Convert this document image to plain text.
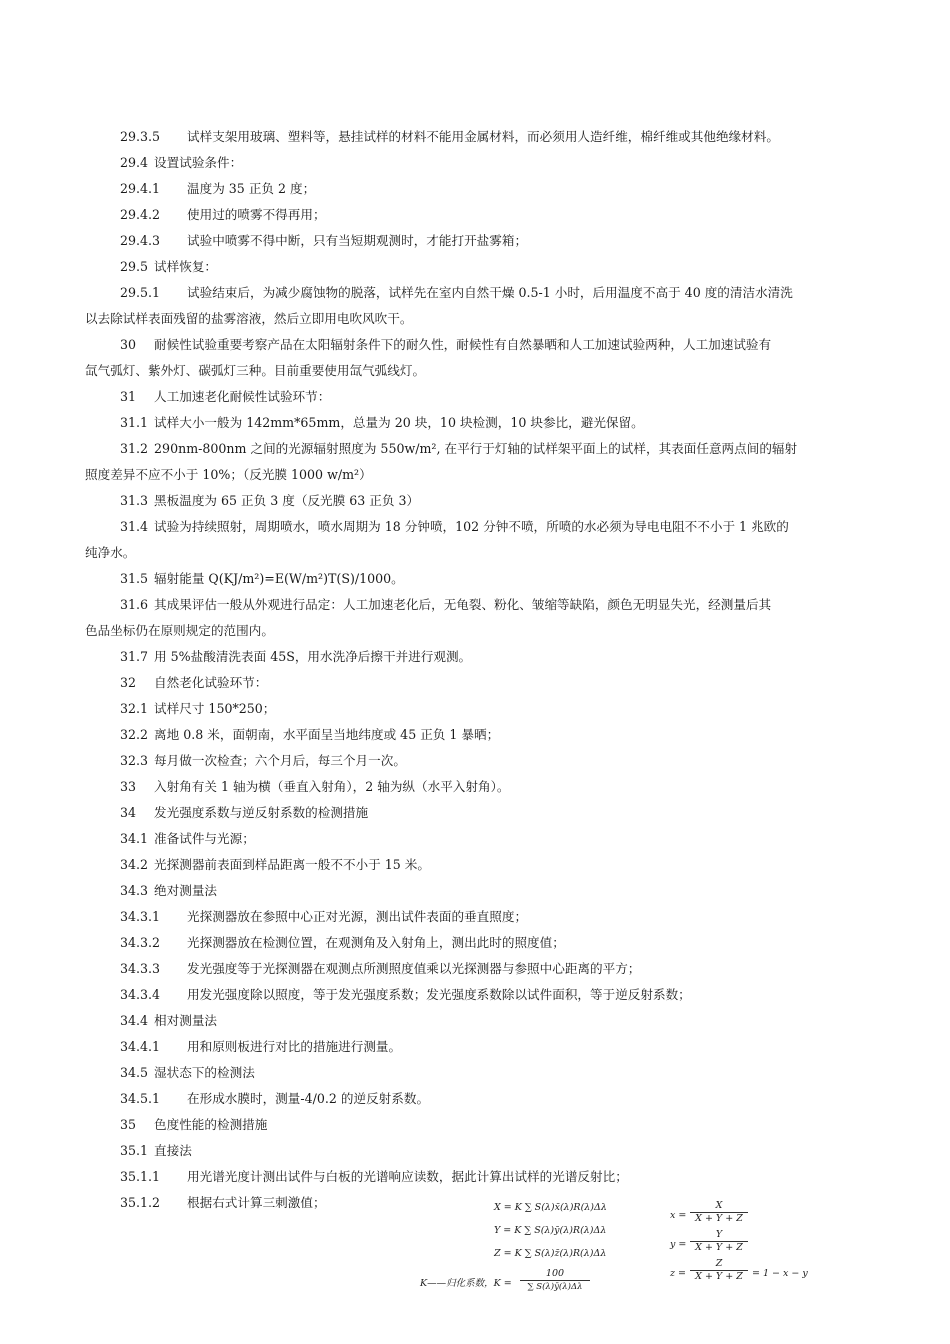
29.3.5 试样支架用玻璃、塑料等，悬挂试样的材料不能用金属材料，而必须用人造纤维，棉纤维或其他绝缘材料。
29.4 设置试验条件：
29.4.1 温度为 35 正负 2 度；
29.4.2 使用过的喷雾不得再用；
29.4.3 试验中喷雾不得中断，只有当短期观测时，才能打开盐雾箱；
29.5 试样恢复：
29.5.1 试验结束后，为减少腐蚀物的脱落，试样先在室内自然干燥 0.5-1 小时，后用温度不高于 40 度的清洁水清洗
以去除试样表面残留的盐雾溶液，然后立即用电吹风吹干。
30 耐候性试验重要考察产品在太阳辐射条件下的耐久性，耐候性有自然暴晒和人工加速试验两种，人工加速试验有
氙气弧灯、紫外灯、碳弧灯三种。目前重要使用氙气弧线灯。
31 人工加速老化耐候性试验环节：
31.1 试样大小一般为 142mm*65mm，总量为 20 块，10 块检测，10 块参比，避光保留。
31.2 290nm-800nm 之间的光源辐射照度为 550w/m², 在平行于灯轴的试样架平面上的试样，其表面任意两点间的辐射
照度差异不应不小于 10%；（反光膜 1000 w/m²）
31.3 黑板温度为 65 正负 3 度（反光膜 63 正负 3）
31.4 试验为持续照射，周期喷水，喷水周期为 18 分钟喷，102 分钟不喷，所喷的水必须为导电电阻不不小于 1 兆欧的
纯净水。
31.5 辐射能量 Q(KJ/m²)=E(W/m²)T(S)/1000。
31.6 其成果评估一般从外观进行品定：人工加速老化后，无龟裂、粉化、皱缩等缺陷，颜色无明显失光，经测量后其
色品坐标仍在原则规定的范围内。
31.7 用 5%盐酸清洗表面 45S，用水洗净后擦干并进行观测。
32 自然老化试验环节：
32.1 试样尺寸 150*250；
32.2 离地 0.8 米，面朝南，水平面呈当地纬度或 45 正负 1 暴晒；
32.3 每月做一次检查；六个月后，每三个月一次。
33 入射角有关 1 轴为横（垂直入射角），2 轴为纵（水平入射角）。
34 发光强度系数与逆反射系数的检测措施
34.1 准备试件与光源；
34.2 光探测器前表面到样品距离一般不不小于 15 米。
34.3 绝对测量法
34.3.1 光探测器放在参照中心正对光源，测出试件表面的垂直照度；
34.3.2 光探测器放在检测位置，在观测角及入射角上，测出此时的照度值；
34.3.3 发光强度等于光探测器在观测点所测照度值乘以光探测器与参照中心距离的平方；
34.3.4 用发光强度除以照度，等于发光强度系数；发光强度系数除以试件面积，等于逆反射系数；
34.4 相对测量法
34.4.1 用和原则板进行对比的措施进行测量。
34.5 湿状态下的检测法
34.5.1 在形成水膜时，测量-4/0.2 的逆反射系数。
35 色度性能的检测措施
35.1 直接法
35.1.1 用光谱光度计测出试件与白板的光谱响应读数，据此计算出试样的光谱反射比；
35.1.2 根据右式计算三刺激值；	X = K ∑ S(λ)x̄(λ)R(λ)Δλ
Y = K ∑ S(λ)ȳ(λ)R(λ)Δλ
Z = K ∑ S(λ)z̄(λ)R(λ)Δλ
K——归化系数，K =
100
∑ S(λ)ȳ(λ)Δλ
x =
X
X + Y + Z
y =
Y
X + Y + Z
z =
Z
X + Y + Z = 1 − x − y
